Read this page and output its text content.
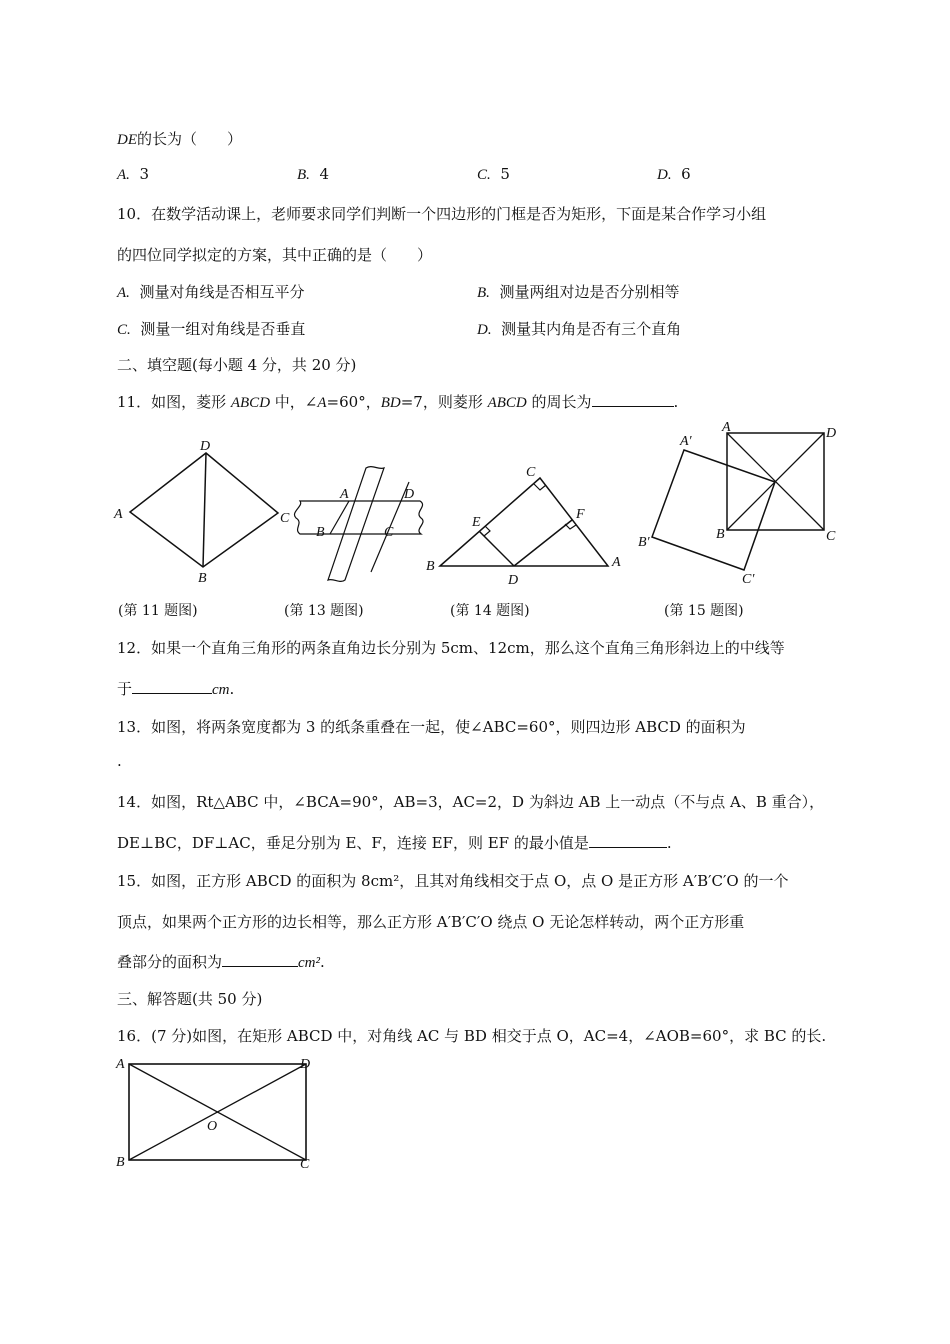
DE的长为（　　）
A. 3	B. 4	C. 5	D. 6
10．在数学活动课上，老师要求同学们判断一个四边形的门框是否为矩形，下面是某合作学习小组
的四位同学拟定的方案，其中正确的是（　　）
A. 测量对角线是否相互平分	B. 测量两组对边是否分别相等
C. 测量一组对角线是否垂直	D. 测量其内角是否有三个直角
二、填空题(每小题 4 分，共 20 分)
11．如图，菱形 ABCD 中，∠A=60°，BD=7，则菱形 ABCD 的周长为	.
D
A	C
B
A	D
B	C
C
E
F
B
D
A
A′
A	D
B	C
B′
C′
(第 11 题图)	(第 13 题图)	(第 14 题图)	(第 15 题图)
12．如果一个直角三角形的两条直角边长分别为 5cm、12cm，那么这个直角三角形斜边上的中线等
于	cm.
13．如图，将两条宽度都为 3 的纸条重叠在一起，使∠ABC=60°，则四边形 ABCD 的面积为
.
14．如图，Rt△ABC 中，∠BCA=90°，AB=3，AC=2，D 为斜边 AB 上一动点（不与点 A、B 重合），
DE⊥BC，DF⊥AC，垂足分别为 E、F，连接 EF，则 EF 的最小值是	.
15．如图，正方形 ABCD 的面积为 8cm²，且其对角线相交于点 O，点 O 是正方形 A′B′C′O 的一个
顶点，如果两个正方形的边长相等，那么正方形 A′B′C′O 绕点 O 无论怎样转动，两个正方形重
叠部分的面积为	cm².
三、解答题(共 50 分)
16．(7 分)如图，在矩形 ABCD 中，对角线 AC 与 BD 相交于点 O，AC=4，∠AOB=60°，求 BC 的长.
A	D
O
B	C
